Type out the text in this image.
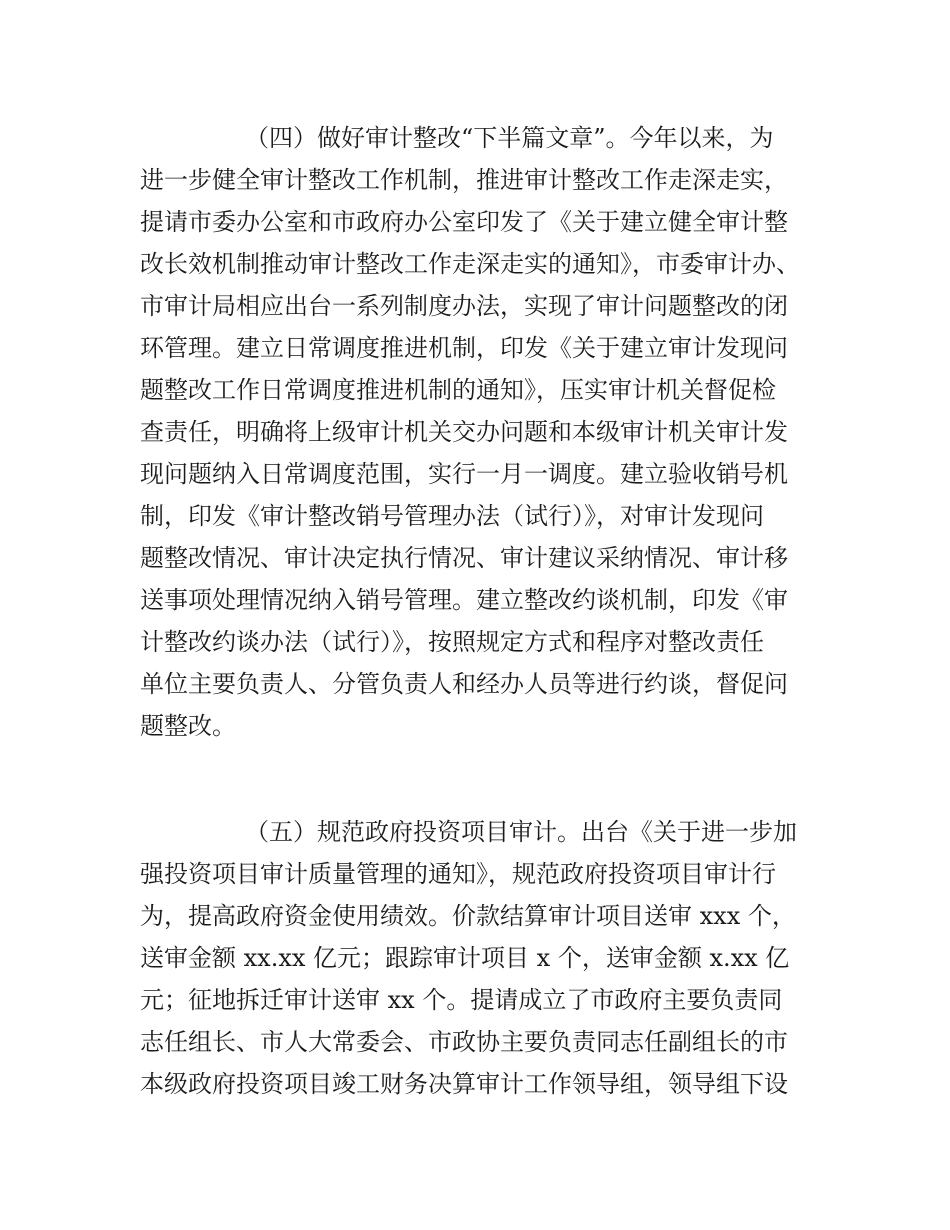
（四）做好审计整改“下半篇文章”。今年以来，为
进一步健全审计整改工作机制，推进审计整改工作走深走实，
提请市委办公室和市政府办公室印发了《关于建立健全审计整
改长效机制推动审计整改工作走深走实的通知》，市委审计办、
市审计局相应出台一系列制度办法，实现了审计问题整改的闭
环管理。建立日常调度推进机制，印发《关于建立审计发现问
题整改工作日常调度推进机制的通知》，压实审计机关督促检
查责任，明确将上级审计机关交办问题和本级审计机关审计发
现问题纳入日常调度范围，实行一月一调度。建立验收销号机
制，印发《审计整改销号管理办法（试行）》，对审计发现问
题整改情况、审计决定执行情况、审计建议采纳情况、审计移
送事项处理情况纳入销号管理。建立整改约谈机制，印发《审
计整改约谈办法（试行）》，按照规定方式和程序对整改责任
单位主要负责人、分管负责人和经办人员等进行约谈，督促问
题整改。
（五）规范政府投资项目审计。出台《关于进一步加
强投资项目审计质量管理的通知》，规范政府投资项目审计行
为，提高政府资金使用绩效。价款结算审计项目送审 xxx 个，
送审金额 xx.xx 亿元；跟踪审计项目 x 个，送审金额 x.xx 亿
元；征地拆迁审计送审 xx 个。提请成立了市政府主要负责同
志任组长、市人大常委会、市政协主要负责同志任副组长的市
本级政府投资项目竣工财务决算审计工作领导组，领导组下设
